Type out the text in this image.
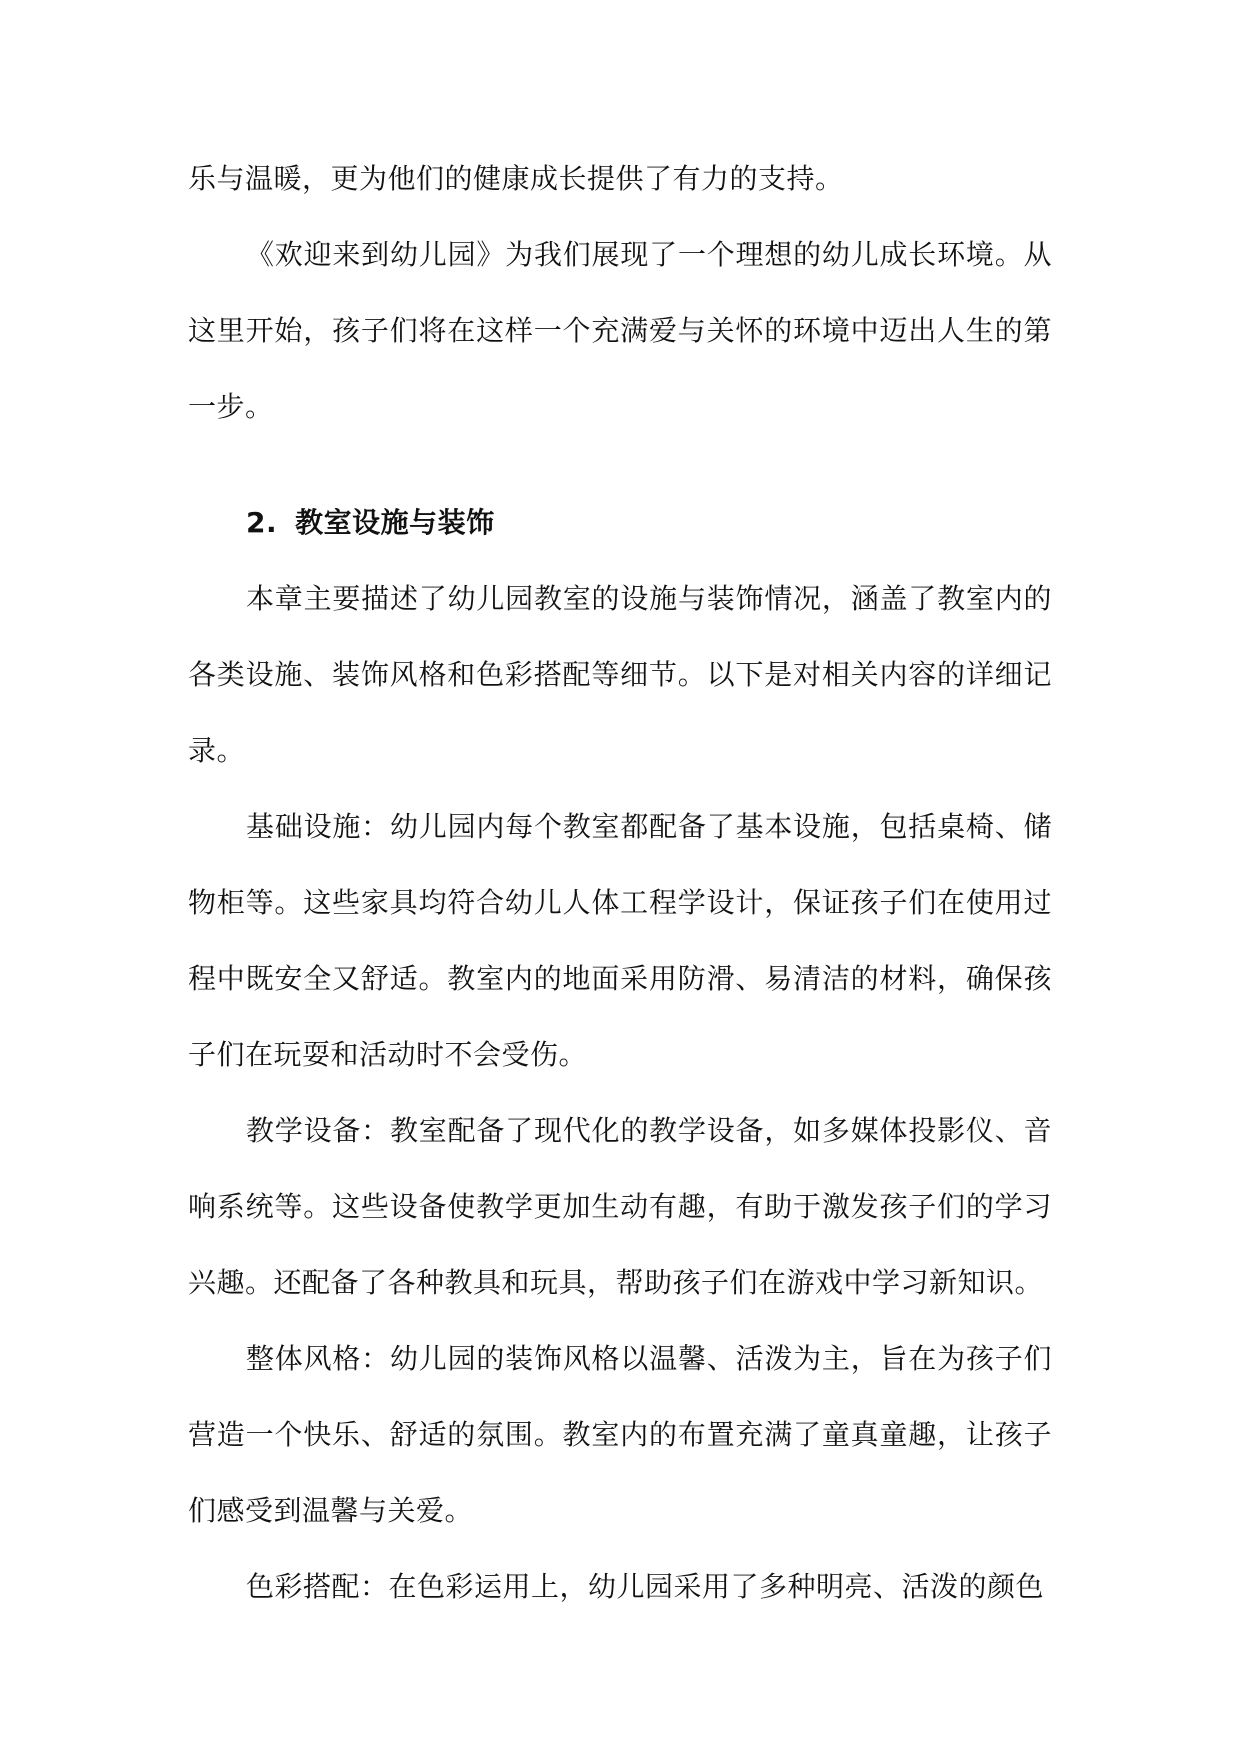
乐与温暖，更为他们的健康成长提供了有力的支持。

《欢迎来到幼儿园》为我们展现了一个理想的幼儿成长环境。从这里开始，孩子们将在这样一个充满爱与关怀的环境中迈出人生的第一步。

2. 教室设施与装饰

本章主要描述了幼儿园教室的设施与装饰情况，涵盖了教室内的各类设施、装饰风格和色彩搭配等细节。以下是对相关内容的详细记录。

基础设施：幼儿园内每个教室都配备了基本设施，包括桌椅、储物柜等。这些家具均符合幼儿人体工程学设计，保证孩子们在使用过程中既安全又舒适。教室内的地面采用防滑、易清洁的材料，确保孩子们在玩耍和活动时不会受伤。

教学设备：教室配备了现代化的教学设备，如多媒体投影仪、音响系统等。这些设备使教学更加生动有趣，有助于激发孩子们的学习兴趣。还配备了各种教具和玩具，帮助孩子们在游戏中学习新知识。

整体风格：幼儿园的装饰风格以温馨、活泼为主，旨在为孩子们营造一个快乐、舒适的氛围。教室内的布置充满了童真童趣，让孩子们感受到温馨与关爱。

色彩搭配：在色彩运用上，幼儿园采用了多种明亮、活泼的颜色
